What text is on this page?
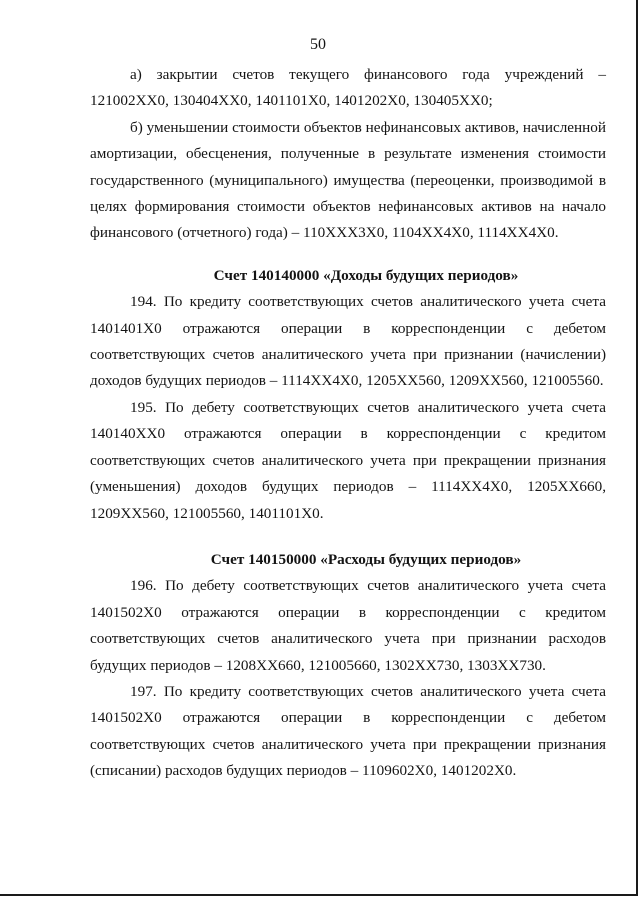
50

а) закрытии счетов текущего финансового года учреждений – 121002XX0, 130404XX0, 1401101X0, 1401202X0, 130405XX0;

б) уменьшении стоимости объектов нефинансовых активов, начисленной амортизации, обесценения, полученные в результате изменения стоимости государственного (муниципального) имущества (переоценки, производимой в целях формирования стоимости объектов нефинансовых активов на начало финансового (отчетного) года) – 110XXX3X0, 1104XX4X0, 1114XX4X0.

Счет 140140000 «Доходы будущих периодов»

194. По кредиту соответствующих счетов аналитического учета счета 1401401X0 отражаются операции в корреспонденции с дебетом соответствующих счетов аналитического учета при признании (начислении) доходов будущих периодов – 1114XX4X0, 1205XX560, 1209XX560, 121005560.

195. По дебету соответствующих счетов аналитического учета счета 140140XX0 отражаются операции в корреспонденции с кредитом соответствующих счетов аналитического учета при прекращении признания (уменьшения) доходов будущих периодов – 1114XX4X0, 1205XX660, 1209XX560, 121005560, 1401101X0.

Счет 140150000 «Расходы будущих периодов»

196. По дебету соответствующих счетов аналитического учета счета 1401502X0 отражаются операции в корреспонденции с кредитом соответствующих счетов аналитического учета при признании расходов будущих периодов – 1208XX660, 121005660, 1302XX730, 1303XX730.

197. По кредиту соответствующих счетов аналитического учета счета 1401502X0 отражаются операции в корреспонденции с дебетом соответствующих счетов аналитического учета при прекращении признания (списании) расходов будущих периодов – 1109602X0, 1401202X0.
